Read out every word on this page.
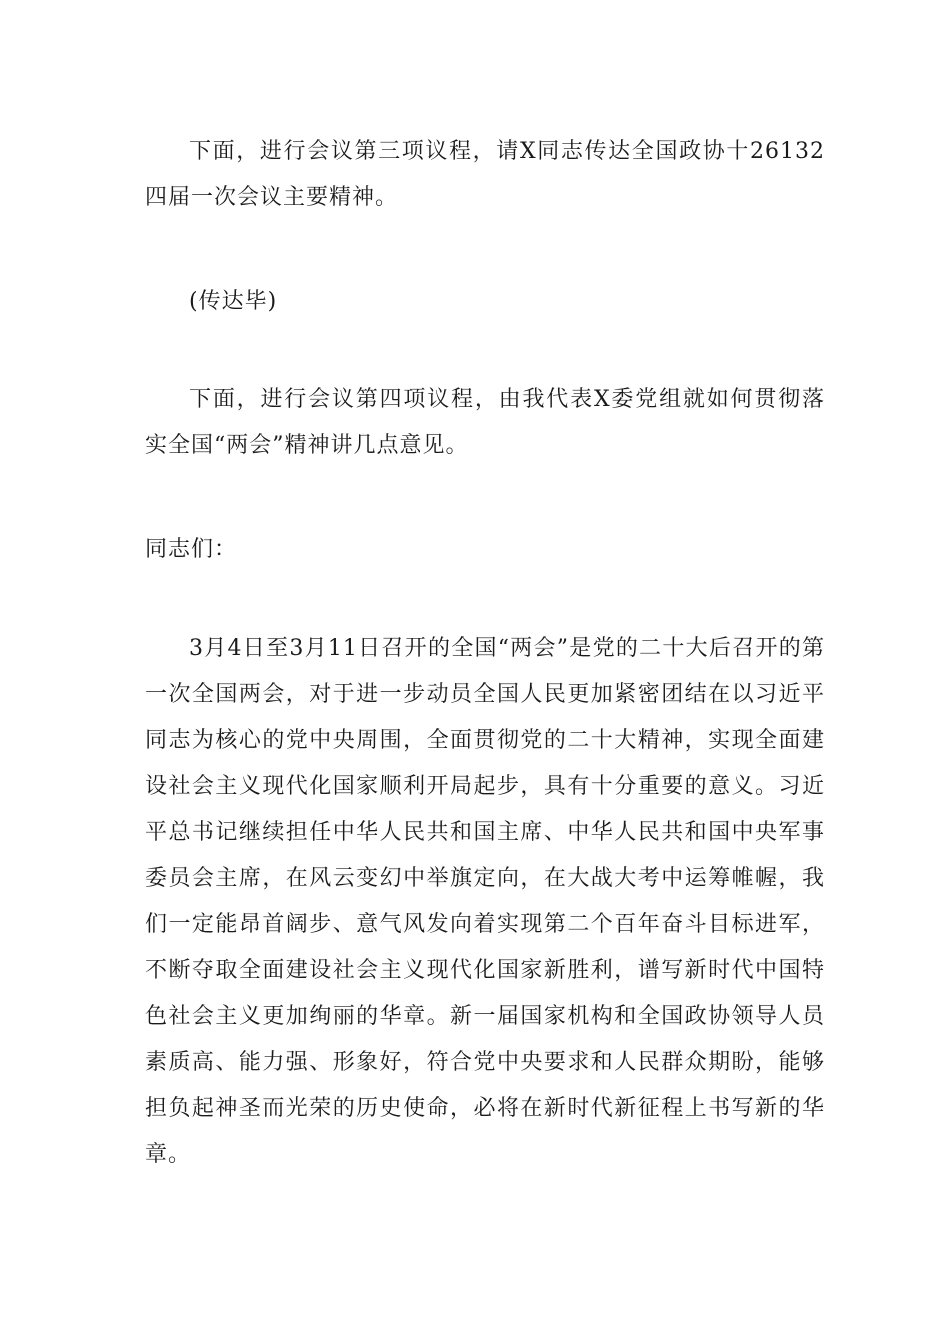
下面，进行会议第三项议程，请X同志传达全国政协十26132四届一次会议主要精神。

(传达毕)

下面，进行会议第四项议程，由我代表X委党组就如何贯彻落实全国“两会”精神讲几点意见。

同志们：

3月4日至3月11日召开的全国“两会”是党的二十大后召开的第一次全国两会，对于进一步动员全国人民更加紧密团结在以习近平同志为核心的党中央周围，全面贯彻党的二十大精神，实现全面建设社会主义现代化国家顺利开局起步，具有十分重要的意义。习近平总书记继续担任中华人民共和国主席、中华人民共和国中央军事委员会主席，在风云变幻中举旗定向，在大战大考中运筹帷幄，我们一定能昂首阔步、意气风发向着实现第二个百年奋斗目标进军，不断夺取全面建设社会主义现代化国家新胜利，谱写新时代中国特色社会主义更加绚丽的华章。新一届国家机构和全国政协领导人员素质高、能力强、形象好，符合党中央要求和人民群众期盼，能够担负起神圣而光荣的历史使命，必将在新时代新征程上书写新的华章。
